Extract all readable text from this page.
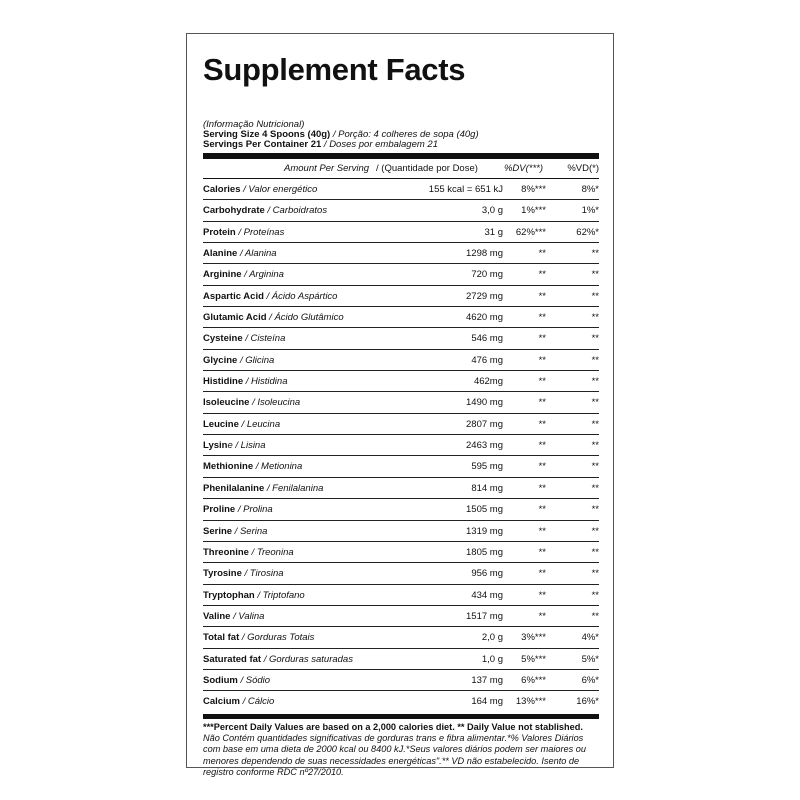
Supplement Facts
(Informação Nutricional)
Serving Size 4 Spoons (40g) / Porção: 4 colheres de sopa (40g)
Servings Per Container 21 / Doses por embalagem 21
Amount Per Serving / (Quantidade por Dose)	%DV(***)	%VD(*)
Calories / Valor energético	155 kcal = 651 kJ 8%***	8%*
Carbohydrate / Carboidratos	3,0 g 1%***	1%*
Protein / Proteínas	31 g 62%***	62%*
Alanine / Alanina	1298 mg	**	**
Arginine / Arginina	720 mg	**	**
Aspartic Acid / Ácido Aspártico	2729 mg	**	**
Glutamic Acid / Ácido Glutâmico	4620 mg	**	**
Cysteine / Cisteína	546 mg	**	**
Glycine / Glicina	476 mg	**	**
Histidine / Histidina	462mg	**	**
Isoleucine / Isoleucina	1490 mg	**	**
Leucine / Leucina	2807 mg	**	**
Lysine / Lisina	2463 mg	**	**
Methionine / Metionina	595 mg	**	**
Phenilalanine / Fenilalanina	814 mg	**	**
Proline / Prolina	1505 mg	**	**
Serine / Serina	1319 mg	**	**
Threonine / Treonina	1805 mg	**	**
Tyrosine / Tirosina	956 mg	**	**
Tryptophan / Triptofano	434 mg	**	**
Valine / Valina	1517 mg	**	**
Total fat / Gorduras Totais	2,0 g 3%***	4%*
Saturated fat / Gorduras saturadas	1,0 g 5%***	5%*
Sodium / Sódio	137 mg 6%***	6%*
Calcium / Cálcio	164 mg 13%***	16%*
***Percent Daily Values are based on a 2,000 calories diet. ** Daily Value not stablished.
Não Contém quantidades significativas de gorduras trans e fibra alimentar.*% Valores Diários com base em uma dieta de 2000 kcal ou 8400 kJ.*Seus valores diários podem ser maiores ou menores dependendo de suas necessidades energéticas".** VD não estabelecido. Isento de registro conforme RDC nº27/2010.
